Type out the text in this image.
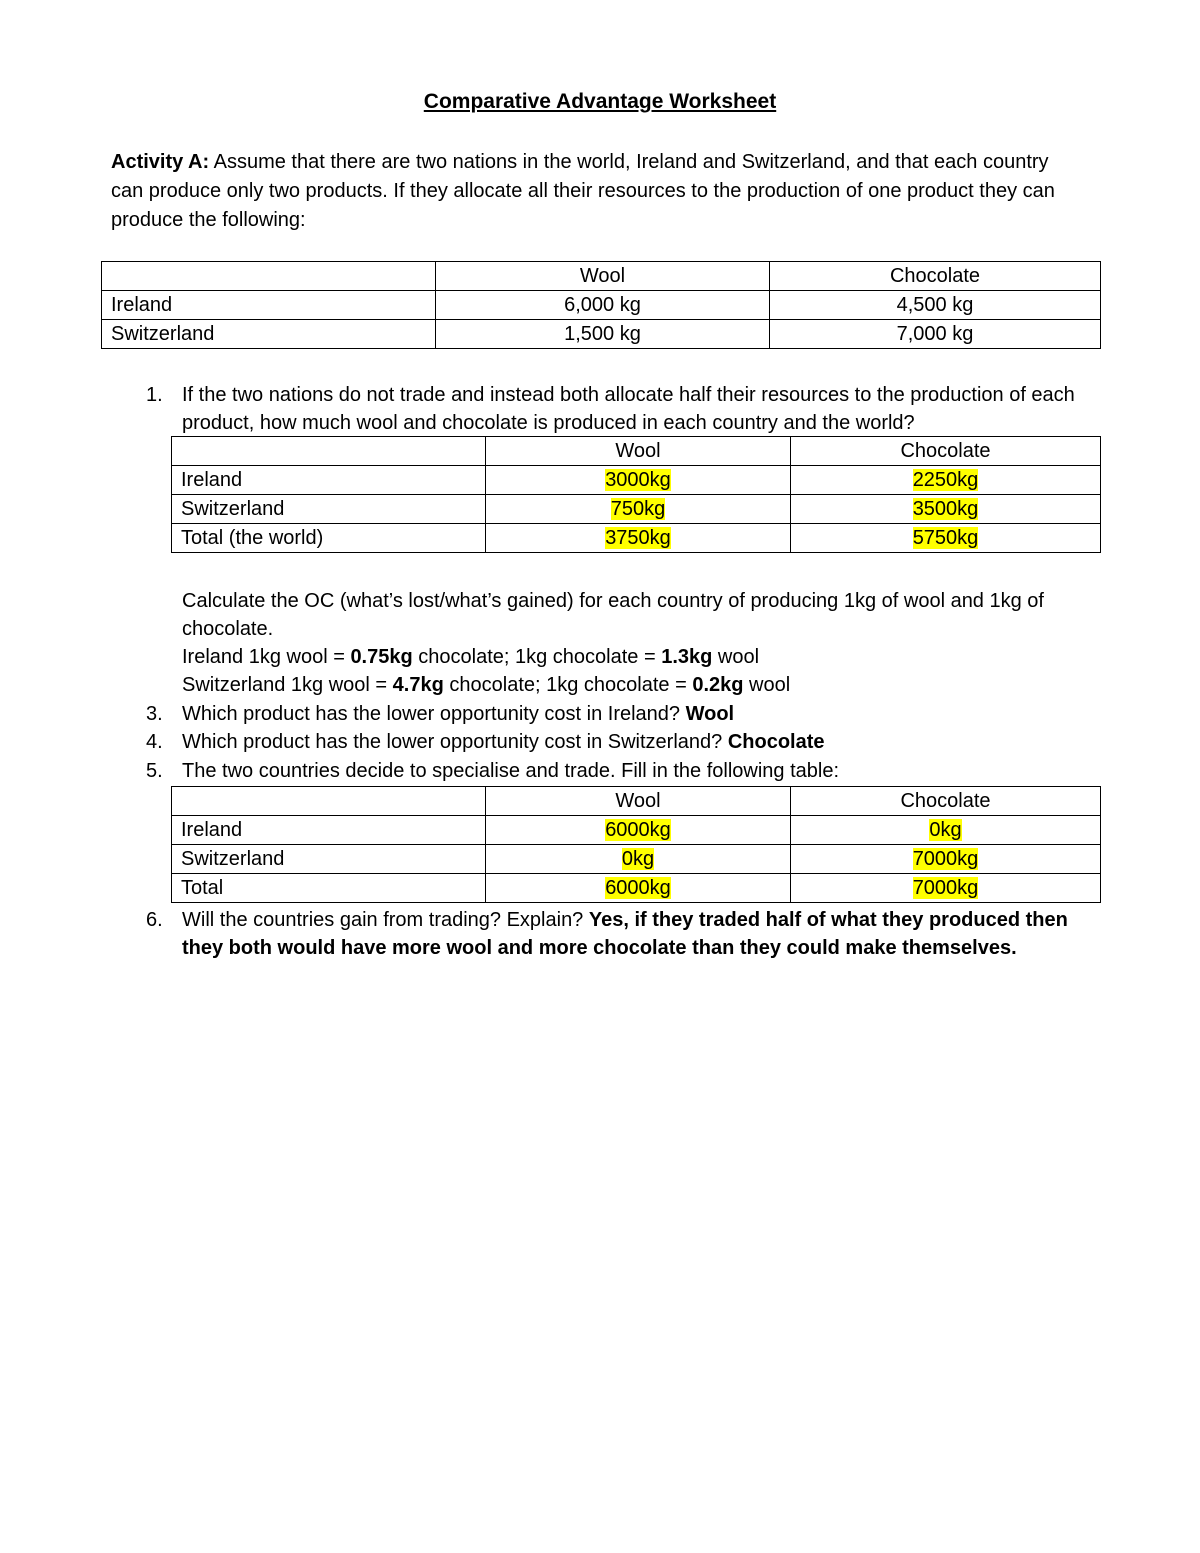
Comparative Advantage Worksheet
Activity A: Assume that there are two nations in the world, Ireland and Switzerland, and that each country can produce only two products. If they allocate all their resources to the production of one product they can produce the following:
	Wool	Chocolate
Ireland	6,000 kg	4,500 kg
Switzerland	1,500 kg	7,000 kg
1. If the two nations do not trade and instead both allocate half their resources to the production of each product, how much wool and chocolate is produced in each country and the world?
	Wool	Chocolate
Ireland	3000kg	2250kg
Switzerland	750kg	3500kg
Total (the world)	3750kg	5750kg
Calculate the OC (what’s lost/what’s gained) for each country of producing 1kg of wool and 1kg of chocolate.
Ireland 1kg wool = 0.75kg chocolate; 1kg chocolate = 1.3kg wool
Switzerland 1kg wool = 4.7kg chocolate; 1kg chocolate = 0.2kg wool
3. Which product has the lower opportunity cost in Ireland? Wool
4. Which product has the lower opportunity cost in Switzerland? Chocolate
5. The two countries decide to specialise and trade. Fill in the following table:
	Wool	Chocolate
Ireland	6000kg	0kg
Switzerland	0kg	7000kg
Total	6000kg	7000kg
6. Will the countries gain from trading? Explain? Yes, if they traded half of what they produced then they both would have more wool and more chocolate than they could make themselves.
